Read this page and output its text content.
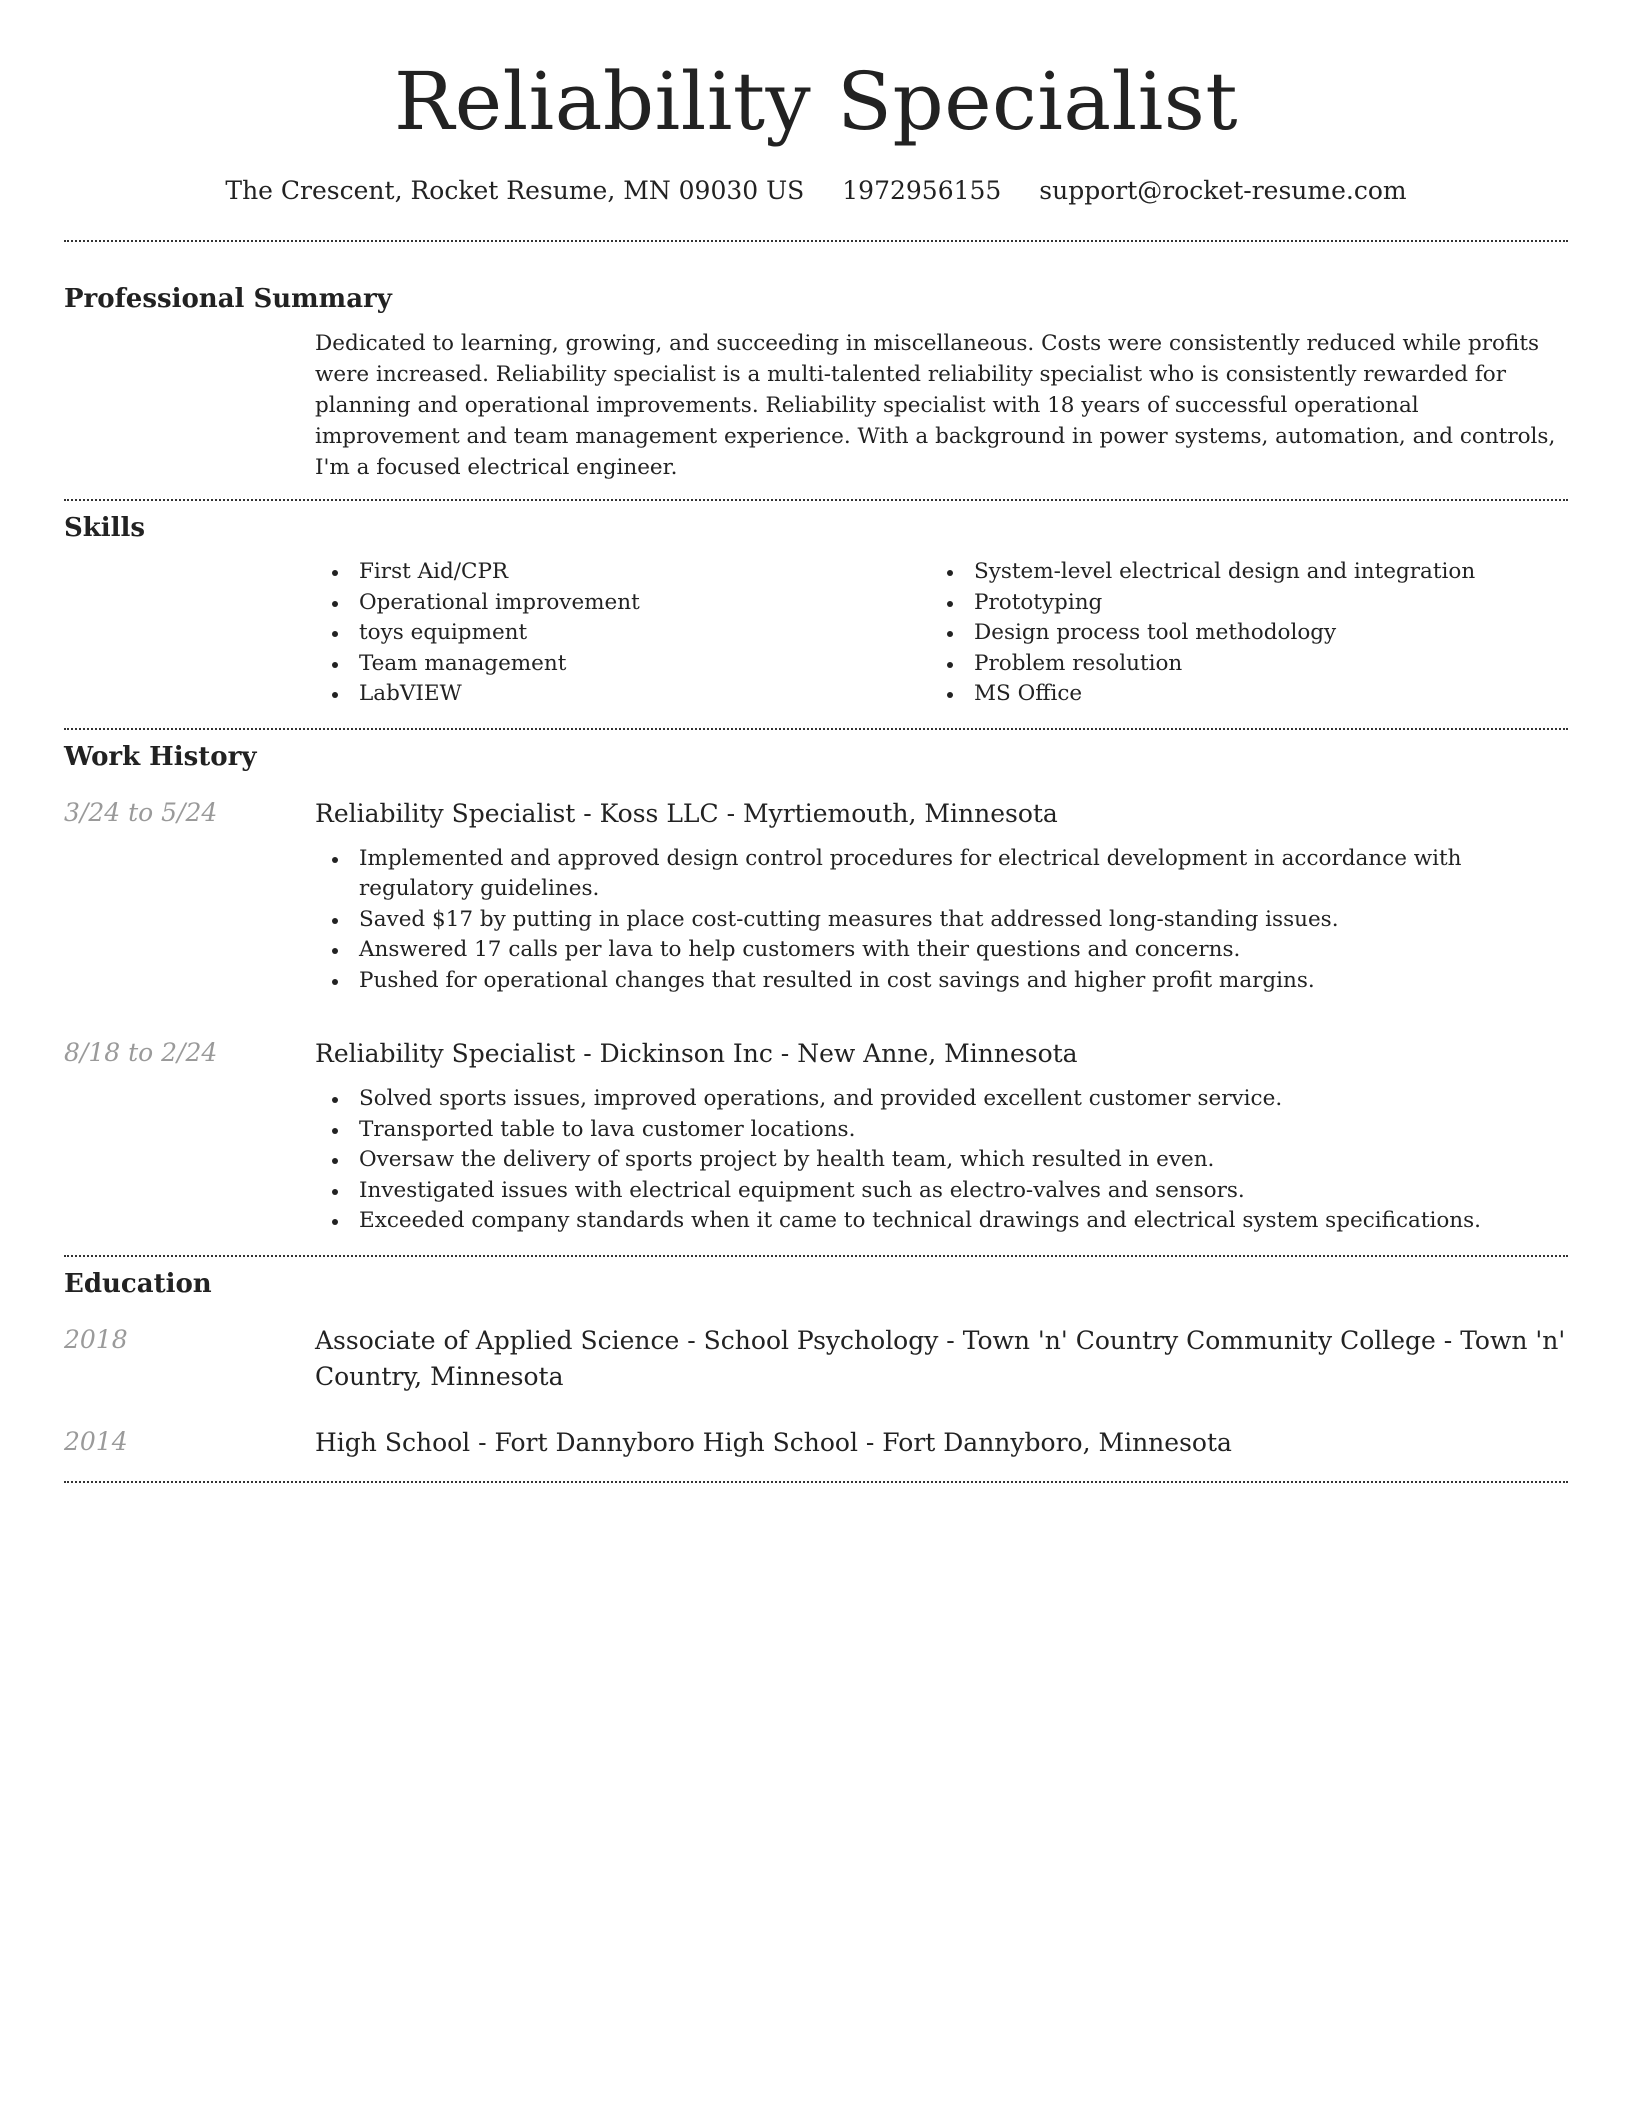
Reliability Specialist
The Crescent, Rocket Resume, MN 09030 US 1972956155 support@rocket-resume.com
Professional Summary

Dedicated to learning, growing, and succeeding in miscellaneous. Costs were consistently reduced while profits were increased. Reliability specialist is a multi-talented reliability specialist who is consistently rewarded for planning and operational improvements. Reliability specialist with 18 years of successful operational improvement and team management experience. With a background in power systems, automation, and controls, I'm a focused electrical engineer.

Skills
First Aid/CPR
Operational improvement
toys equipment
Team management
LabVIEW
System-level electrical design and integration
Prototyping
Design process tool methodology
Problem resolution
MS Office
Work History
3/24 to 5/24	Reliability Specialist - Koss LLC - Myrtiemouth, Minnesota
Implemented and approved design control procedures for electrical development in accordance with regulatory guidelines.
Saved $17 by putting in place cost-cutting measures that addressed long-standing issues.
Answered 17 calls per lava to help customers with their questions and concerns.
Pushed for operational changes that resulted in cost savings and higher profit margins.
8/18 to 2/24	Reliability Specialist - Dickinson Inc - New Anne, Minnesota
Solved sports issues, improved operations, and provided excellent customer service.
Transported table to lava customer locations.
Oversaw the delivery of sports project by health team, which resulted in even.
Investigated issues with electrical equipment such as electro-valves and sensors.
Exceeded company standards when it came to technical drawings and electrical system specifications.
Education
2018	Associate of Applied Science - School Psychology - Town 'n' Country Community College - Town 'n' Country, Minnesota
2014	High School - Fort Dannyboro High School - Fort Dannyboro, Minnesota
